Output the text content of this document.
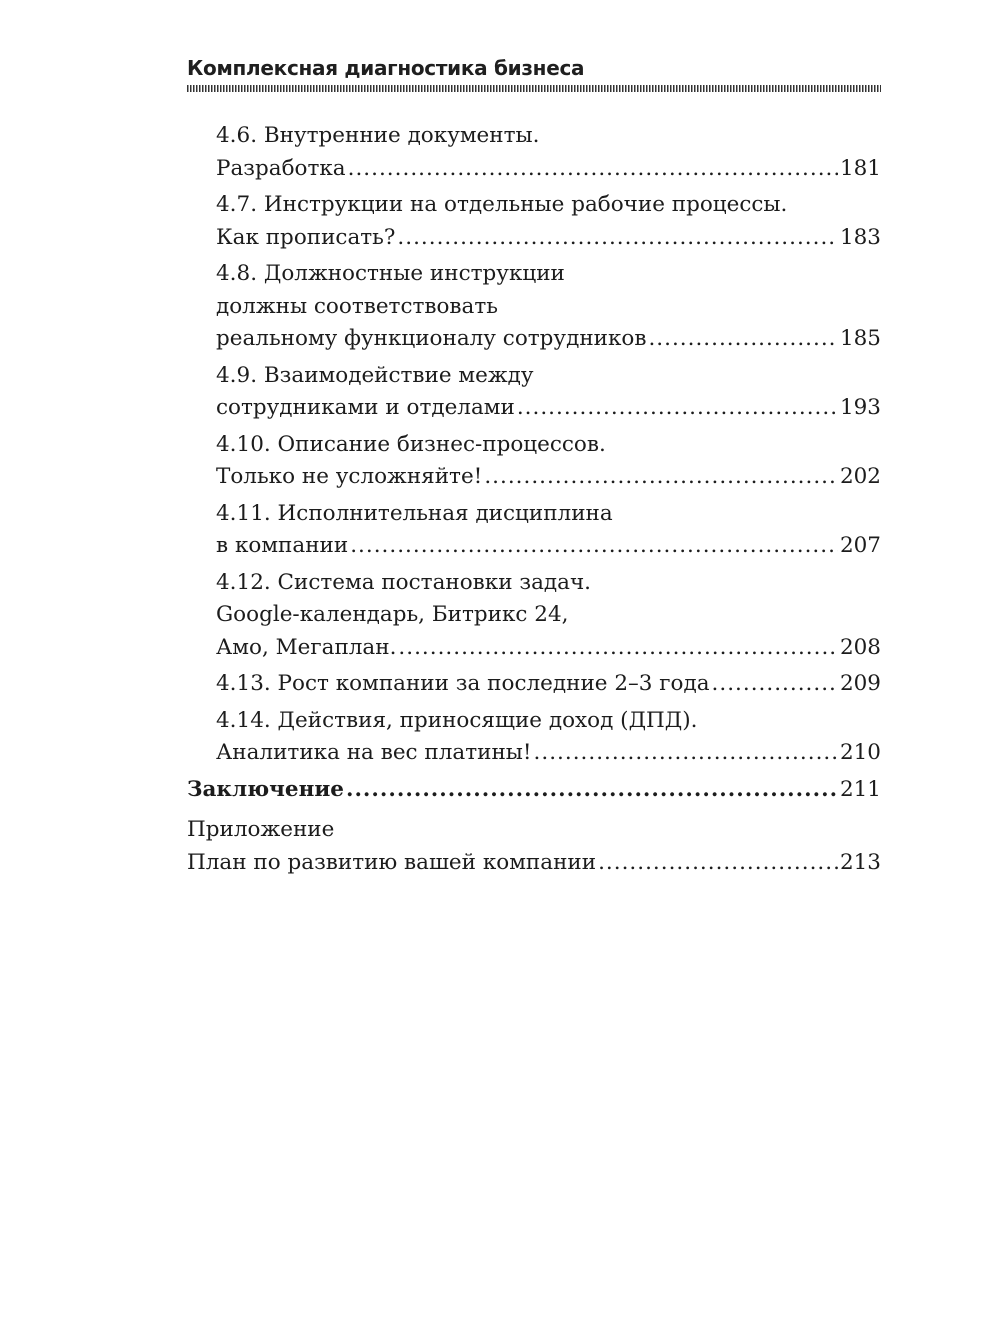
Комплексная диагностика бизнеса
4.6. Внутренние документы.
Разработка .....	181
4.7. Инструкции на отдельные рабочие процессы.
Как прописать? .....	183
4.8. Должностные инструкции
должны соответствовать
реальному функционалу сотрудников .....	185
4.9. Взаимодействие между
сотрудниками и отделами .....	193
4.10. Описание бизнес-процессов.
Только не усложняйте! .....	202
4.11. Исполнительная дисциплина
в компании .....	207
4.12. Система постановки задач.
Google-календарь, Битрикс 24,
Амо, Мегаплан. .....	208
4.13. Рост компании за последние 2–3 года .....	209
4.14. Действия, приносящие доход (ДПД).
Аналитика на вес платины! .....	210
Заключение .....	211
Приложение
План по развитию вашей компании .....	213
